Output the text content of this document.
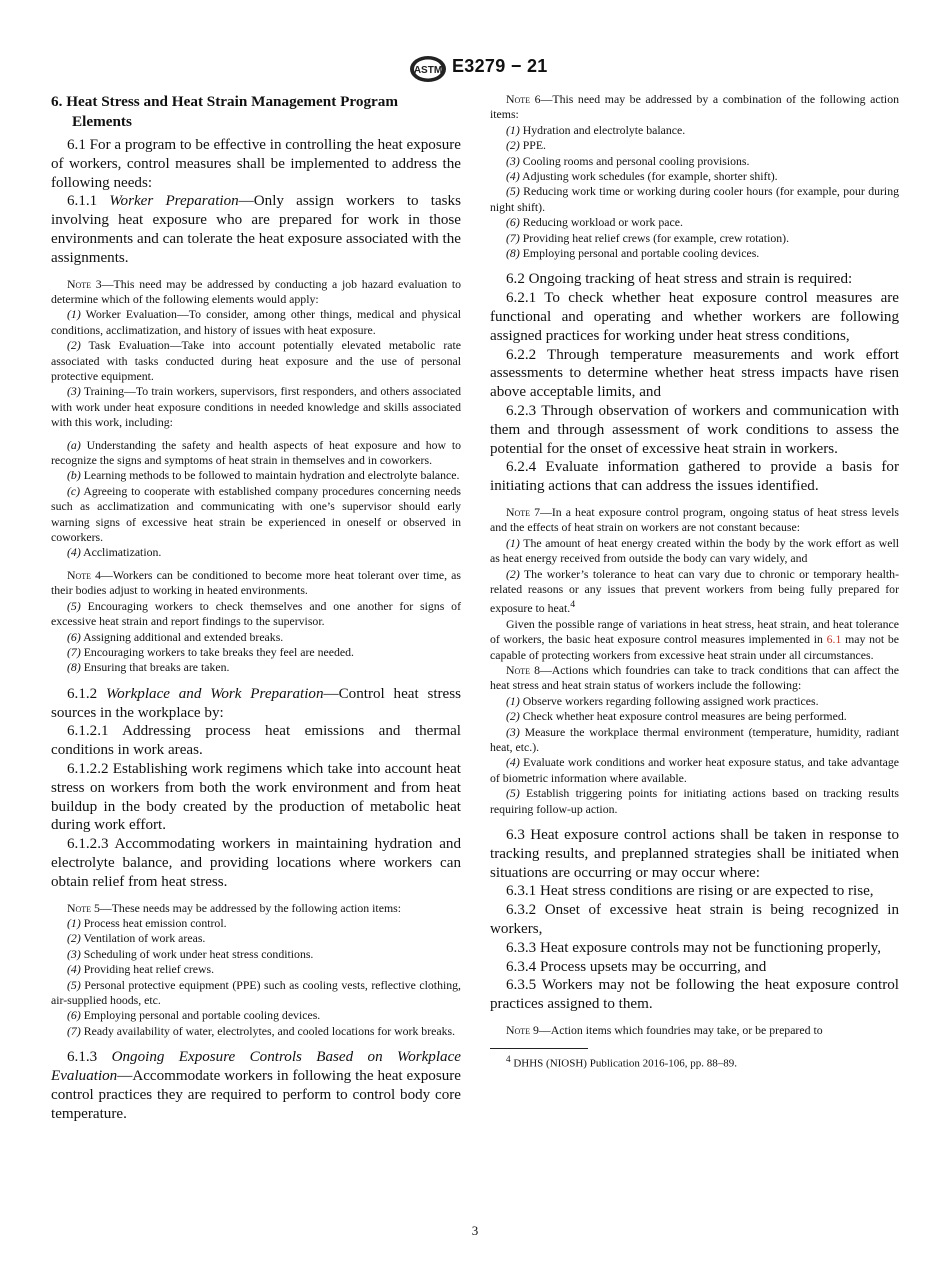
ASTM E3279 − 21
6. Heat Stress and Heat Strain Management Program Elements

6.1 For a program to be effective in controlling the heat exposure of workers, control measures shall be implemented to address the following needs:

6.1.1 Worker Preparation—Only assign workers to tasks involving heat exposure who are prepared for work in those environments and can tolerate the heat exposure associated with the assignments.

Note 3—This need may be addressed by conducting a job hazard evaluation to determine which of the following elements would apply:

(1) Worker Evaluation—To consider, among other things, medical and physical conditions, acclimatization, and history of issues with heat exposure.

(2) Task Evaluation—Take into account potentially elevated metabolic rate associated with tasks conducted during heat exposure and the use of personal protective equipment.

(3) Training—To train workers, supervisors, first responders, and others associated with work under heat exposure conditions in needed knowledge and skills associated with this work, including:

(a) Understanding the safety and health aspects of heat exposure and how to recognize the signs and symptoms of heat strain in themselves and in coworkers.

(b) Learning methods to be followed to maintain hydration and electrolyte balance.

(c) Agreeing to cooperate with established company procedures concerning needs such as acclimatization and communicating with one’s supervisor should early warning signs of excessive heat strain be experienced in oneself or observed in coworkers.

(4) Acclimatization.

Note 4—Workers can be conditioned to become more heat tolerant over time, as their bodies adjust to working in heated environments.

(5) Encouraging workers to check themselves and one another for signs of excessive heat strain and report findings to the supervisor.

(6) Assigning additional and extended breaks.

(7) Encouraging workers to take breaks they feel are needed.

(8) Ensuring that breaks are taken.

6.1.2 Workplace and Work Preparation—Control heat stress sources in the workplace by:

6.1.2.1 Addressing process heat emissions and thermal conditions in work areas.

6.1.2.2 Establishing work regimens which take into account heat stress on workers from both the work environment and from heat buildup in the body created by the production of metabolic heat during work effort.

6.1.2.3 Accommodating workers in maintaining hydration and electrolyte balance, and providing locations where workers can obtain relief from heat stress.

Note 5—These needs may be addressed by the following action items:

(1) Process heat emission control.

(2) Ventilation of work areas.

(3) Scheduling of work under heat stress conditions.

(4) Providing heat relief crews.

(5) Personal protective equipment (PPE) such as cooling vests, reflective clothing, air-supplied hoods, etc.

(6) Employing personal and portable cooling devices.

(7) Ready availability of water, electrolytes, and cooled locations for work breaks.

6.1.3 Ongoing Exposure Controls Based on Workplace Evaluation—Accommodate workers in following the heat exposure control practices they are required to perform to control body core temperature.

Note 6—This need may be addressed by a combination of the following action items:

(1) Hydration and electrolyte balance.

(2) PPE.

(3) Cooling rooms and personal cooling provisions.

(4) Adjusting work schedules (for example, shorter shift).

(5) Reducing work time or working during cooler hours (for example, pour during night shift).

(6) Reducing workload or work pace.

(7) Providing heat relief crews (for example, crew rotation).

(8) Employing personal and portable cooling devices.

6.2 Ongoing tracking of heat stress and strain is required:

6.2.1 To check whether heat exposure control measures are functional and operating and whether workers are following assigned practices for working under heat stress conditions,

6.2.2 Through temperature measurements and work effort assessments to determine whether heat stress impacts have risen above acceptable limits, and

6.2.3 Through observation of workers and communication with them and through assessment of work conditions to assess the potential for the onset of excessive heat strain in workers.

6.2.4 Evaluate information gathered to provide a basis for initiating actions that can address the issues identified.

Note 7—In a heat exposure control program, ongoing status of heat stress levels and the effects of heat strain on workers are not constant because:

(1) The amount of heat energy created within the body by the work effort as well as heat energy received from outside the body can vary widely, and

(2) The worker’s tolerance to heat can vary due to chronic or temporary health-related reasons or any issues that prevent workers from being fully prepared for exposure to heat.$^4$

Given the possible range of variations in heat stress, heat strain, and heat tolerance of workers, the basic heat exposure control measures implemented in 6.1 may not be capable of protecting workers from excessive heat strain under all circumstances.

Note 8—Actions which foundries can take to track conditions that can affect the heat stress and heat strain status of workers include the following:

(1) Observe workers regarding following assigned work practices.

(2) Check whether heat exposure control measures are being performed.

(3) Measure the workplace thermal environment (temperature, humidity, radiant heat, etc.).

(4) Evaluate work conditions and worker heat exposure status, and take advantage of biometric information where available.

(5) Establish triggering points for initiating actions based on tracking results requiring follow-up action.

6.3 Heat exposure control actions shall be taken in response to tracking results, and preplanned strategies shall be initiated when situations are occurring or may occur where:

6.3.1 Heat stress conditions are rising or are expected to rise,

6.3.2 Onset of excessive heat strain is being recognized in workers,

6.3.3 Heat exposure controls may not be functioning properly,

6.3.4 Process upsets may be occurring, and

6.3.5 Workers may not be following the heat exposure control practices assigned to them.

Note 9—Action items which foundries may take, or be prepared to

$^4$ DHHS (NIOSH) Publication 2016-106, pp. 88–89.

3
